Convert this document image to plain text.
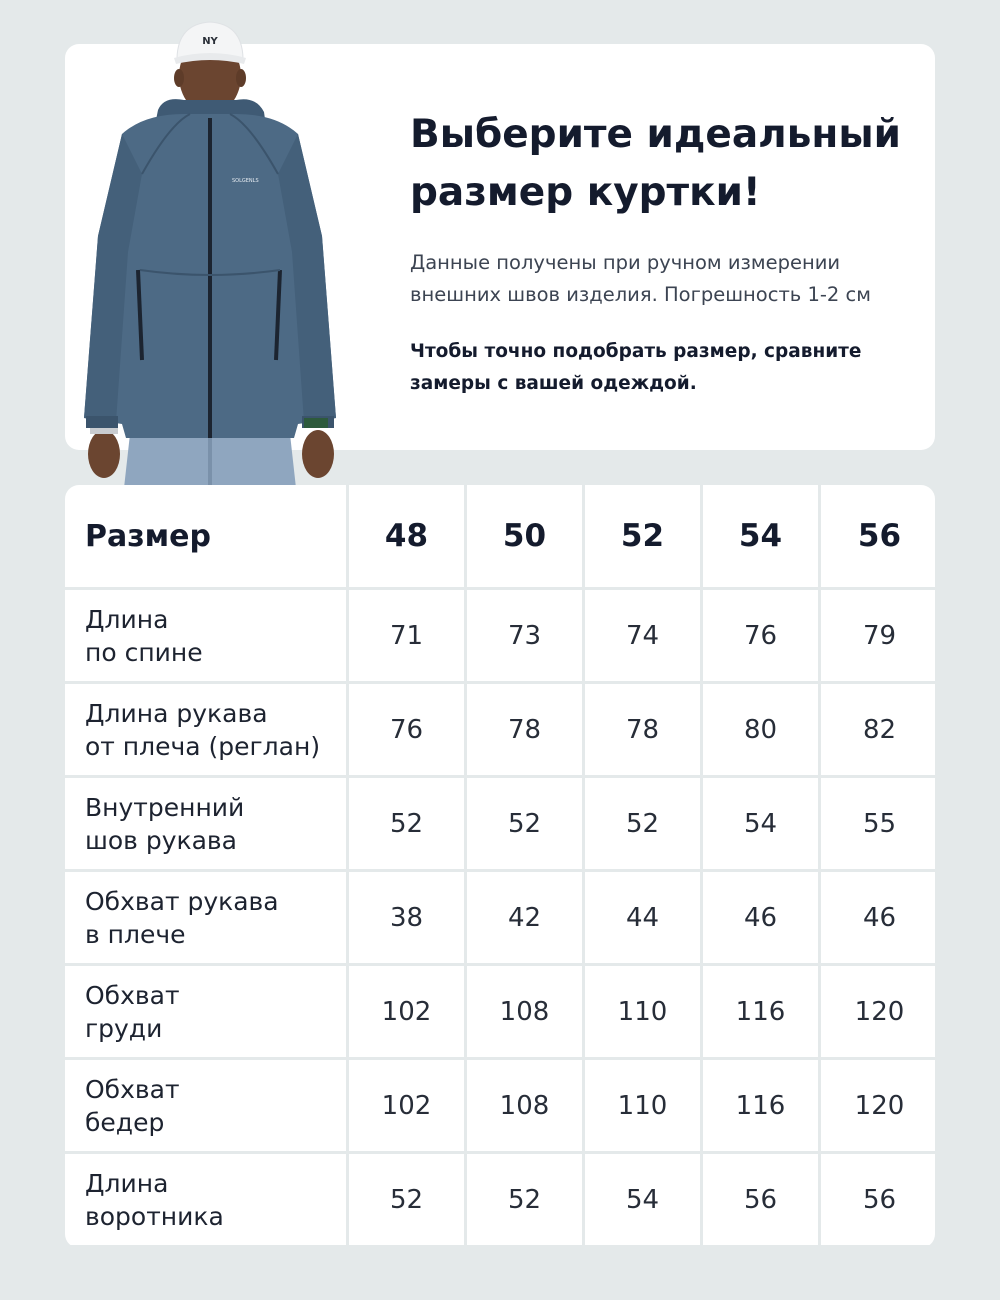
NY
SOLGENLS
Выберите идеальный
размер куртки!
Данные получены при ручном измерении
внешних швов изделия. Погрешность 1-2 см
Чтобы точно подобрать размер, сравните
замеры с вашей одеждой.
Размер	48	50	52	54	56
Длина
по спине
71	73	74	76	79
Длина рукава
от плеча (реглан)
76	78	78	80	82
Внутренний
шов рукава
52	52	52	54	55
Обхват рукава
в плече
38	42	44	46	46
Обхват
груди
102	108	110	116	120
Обхват
бедер
102	108	110	116	120
Длина
воротника
52	52	54	56	56
